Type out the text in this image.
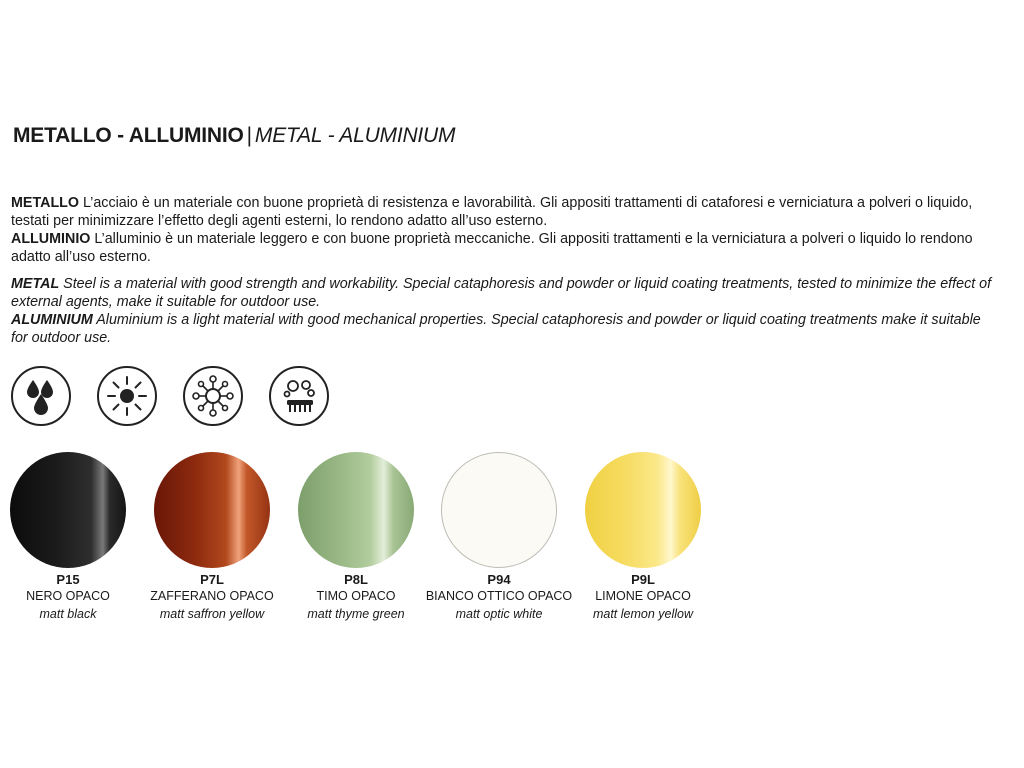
METALLO - ALLUMINIO | METAL - ALUMINIUM

METALLO L’acciaio è un materiale con buone proprietà di resistenza e lavorabilità. Gli appositi trattamenti di cataforesi e verniciatura a polveri o liquido, testati per minimizzare l’effetto degli agenti esterni, lo rendono adatto all’uso esterno.

ALLUMINIO L’alluminio è un materiale leggero e con buone proprietà meccaniche. Gli appositi trattamenti e la verniciatura a polveri o liquido lo rendono adatto all’uso esterno.

METAL Steel is a material with good strength and workability. Special cataphoresis and powder or liquid coating treatments, tested to minimize the effect of external agents, make it suitable for outdoor use.

ALUMINIUM Aluminium is a light material with good mechanical properties. Special cataphoresis and powder or liquid coating treatments make it suitable for outdoor use.

P15
NERO OPACO
matt black
P7L
ZAFFERANO OPACO
matt saffron yellow
P8L
TIMO OPACO
matt thyme green
P94
BIANCO OTTICO OPACO
matt optic white
P9L
LIMONE OPACO
matt lemon yellow
